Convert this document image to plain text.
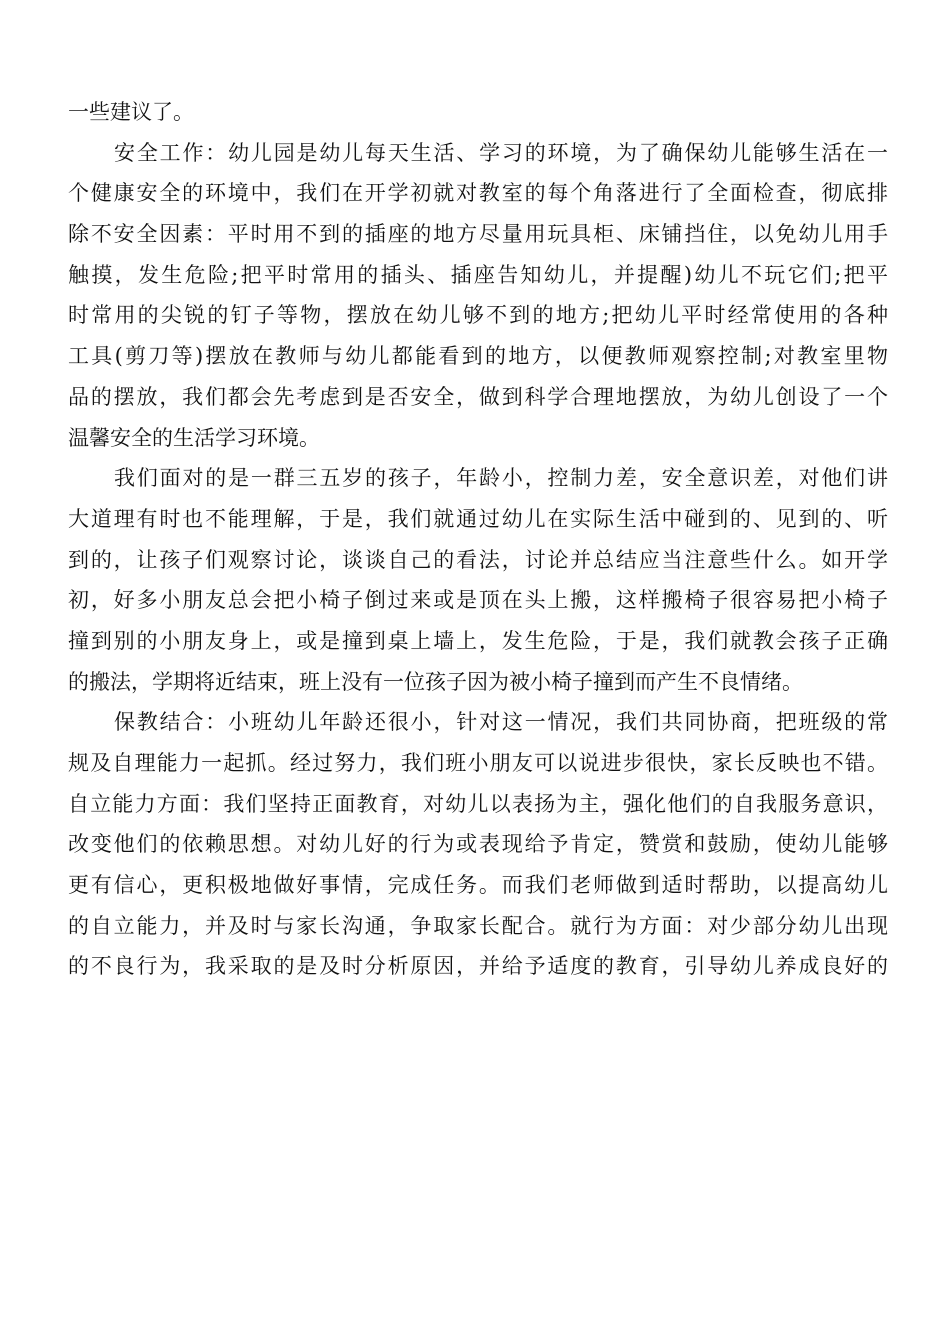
一些建议了。
安全工作：幼儿园是幼儿每天生活、学习的环境，为了确保幼儿能够生活在一
个健康安全的环境中，我们在开学初就对教室的每个角落进行了全面检查，彻底排
除不安全因素：平时用不到的插座的地方尽量用玩具柜、床铺挡住，以免幼儿用手
触摸，发生危险;把平时常用的插头、插座告知幼儿，并提醒)幼儿不玩它们;把平
时常用的尖锐的钉子等物，摆放在幼儿够不到的地方;把幼儿平时经常使用的各种
工具(剪刀等)摆放在教师与幼儿都能看到的地方，以便教师观察控制;对教室里物
品的摆放，我们都会先考虑到是否安全，做到科学合理地摆放，为幼儿创设了一个
温馨安全的生活学习环境。
我们面对的是一群三五岁的孩子，年龄小，控制力差，安全意识差，对他们讲
大道理有时也不能理解，于是，我们就通过幼儿在实际生活中碰到的、见到的、听
到的，让孩子们观察讨论，谈谈自己的看法，讨论并总结应当注意些什么。如开学
初，好多小朋友总会把小椅子倒过来或是顶在头上搬，这样搬椅子很容易把小椅子
撞到别的小朋友身上，或是撞到桌上墙上，发生危险，于是，我们就教会孩子正确
的搬法，学期将近结束，班上没有一位孩子因为被小椅子撞到而产生不良情绪。
保教结合：小班幼儿年龄还很小，针对这一情况，我们共同协商，把班级的常
规及自理能力一起抓。经过努力，我们班小朋友可以说进步很快，家长反映也不错。
自立能力方面：我们坚持正面教育，对幼儿以表扬为主，强化他们的自我服务意识，
改变他们的依赖思想。对幼儿好的行为或表现给予肯定，赞赏和鼓励，使幼儿能够
更有信心，更积极地做好事情，完成任务。而我们老师做到适时帮助，以提高幼儿
的自立能力，并及时与家长沟通，争取家长配合。就行为方面：对少部分幼儿出现
的不良行为，我采取的是及时分析原因，并给予适度的教育，引导幼儿养成良好的
